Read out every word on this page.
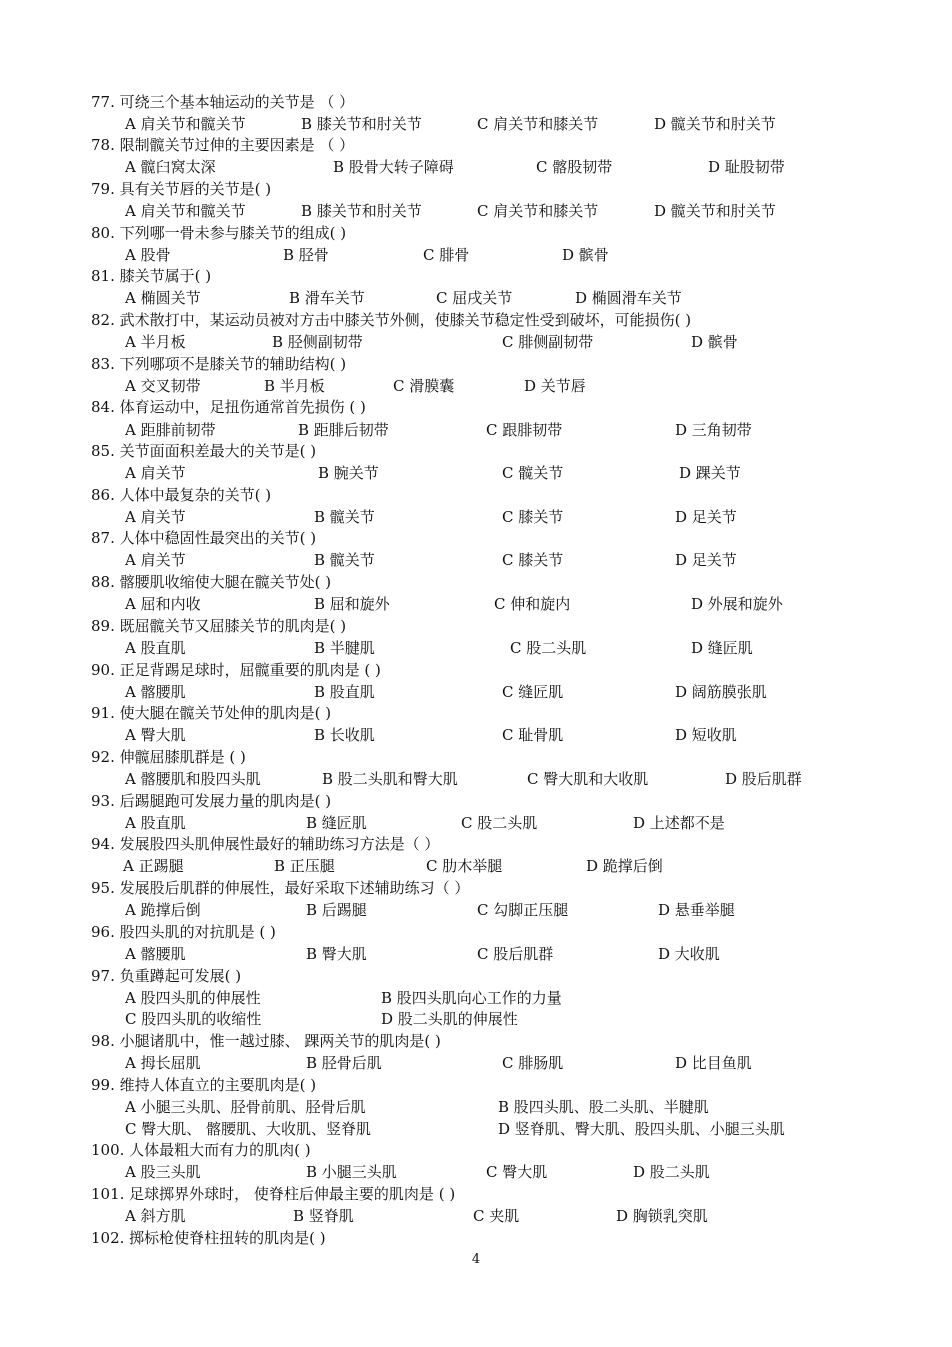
77. 可绕三个基本轴运动的关节是 （ ）
A 肩关节和髋关节	B 膝关节和肘关节	C 肩关节和膝关节	D 髋关节和肘关节
78. 限制髋关节过伸的主要因素是 （ ）
A 髋臼窝太深	B 股骨大转子障碍	C 髂股韧带	D 耻股韧带
79. 具有关节唇的关节是( )
A 肩关节和髋关节	B 膝关节和肘关节	C 肩关节和膝关节	D 髋关节和肘关节
80. 下列哪一骨未参与膝关节的组成( )
A 股骨	B 胫骨	C 腓骨	D 髌骨
81. 膝关节属于( )
A 椭圆关节	B 滑车关节	C 屈戌关节	D 椭圆滑车关节
82. 武术散打中，某运动员被对方击中膝关节外侧，使膝关节稳定性受到破坏，可能损伤( )
A 半月板	B 胫侧副韧带	C 腓侧副韧带	D 髌骨
83. 下列哪项不是膝关节的辅助结构( )
A 交叉韧带	B 半月板	C 滑膜囊	D 关节唇
84. 体育运动中，足扭伤通常首先损伤 ( )
A 距腓前韧带	B 距腓后韧带	C 跟腓韧带	D 三角韧带
85. 关节面面积差最大的关节是( )
A 肩关节	B 腕关节	C 髋关节	D 踝关节
86. 人体中最复杂的关节( )
A 肩关节	B 髋关节	C 膝关节	D 足关节
87. 人体中稳固性最突出的关节( )
A 肩关节	B 髋关节	C 膝关节	D 足关节
88. 髂腰肌收缩使大腿在髋关节处( )
A 屈和内收	B 屈和旋外	C 伸和旋内	D 外展和旋外
89. 既屈髋关节又屈膝关节的肌肉是( )
A 股直肌	B 半腱肌	C 股二头肌	D 缝匠肌
90. 正足背踢足球时，屈髋重要的肌肉是 ( )
A 髂腰肌	B 股直肌	C 缝匠肌	D 阔筋膜张肌
91. 使大腿在髋关节处伸的肌肉是( )
A 臀大肌	B 长收肌	C 耻骨肌	D 短收肌
92. 伸髋屈膝肌群是 ( )
A 髂腰肌和股四头肌	B 股二头肌和臀大肌	C 臀大肌和大收肌	D 股后肌群
93. 后踢腿跑可发展力量的肌肉是( )
A 股直肌	B 缝匠肌	C 股二头肌	D 上述都不是
94. 发展股四头肌伸展性最好的辅助练习方法是（ ）
A 正踢腿	B 正压腿	C 肋木举腿	D 跪撑后倒
95. 发展股后肌群的伸展性，最好采取下述辅助练习（ ）
A 跪撑后倒	B 后踢腿	C 勾脚正压腿	D 悬垂举腿
96. 股四头肌的对抗肌是 ( )
A 髂腰肌	B 臀大肌	C 股后肌群	D 大收肌
97. 负重蹲起可发展( )
A 股四头肌的伸展性	B 股四头肌向心工作的力量
C 股四头肌的收缩性	D 股二头肌的伸展性
98. 小腿诸肌中，惟一越过膝、 踝两关节的肌肉是( )
A 拇长屈肌	B 胫骨后肌	C 腓肠肌	D 比目鱼肌
99. 维持人体直立的主要肌肉是( )
A 小腿三头肌、胫骨前肌、胫骨后肌	B 股四头肌、股二头肌、半腱肌
C 臀大肌、 髂腰肌、大收肌、竖脊肌	D 竖脊肌、臀大肌、股四头肌、小腿三头肌
100. 人体最粗大而有力的肌肉( )
A 股三头肌	B 小腿三头肌	C 臀大肌	D 股二头肌
101. 足球掷界外球时， 使脊柱后伸最主要的肌肉是 ( )
A 斜方肌	B 竖脊肌	C 夹肌	D 胸锁乳突肌
102. 掷标枪使脊柱扭转的肌肉是( )
4
